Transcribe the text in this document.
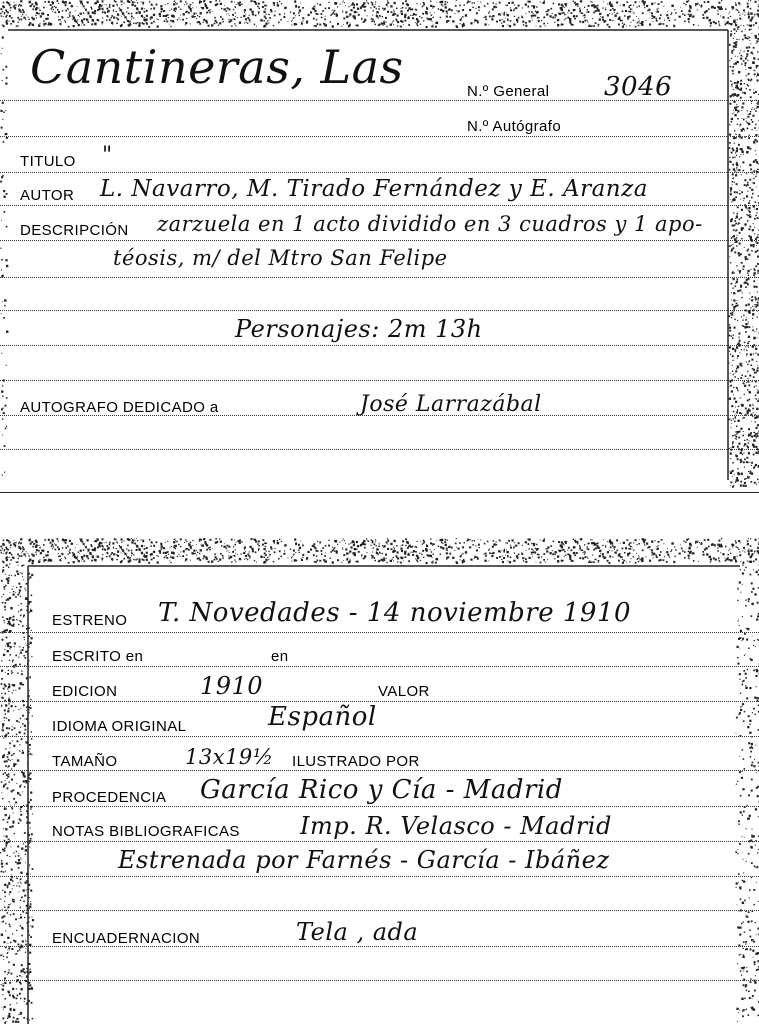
Cantineras, Las	N.º General 3046
N.º Autógrafo
TITULO "
AUTOR L. Navarro, M. Tirado Fernández y E. Aranza
DESCRIPCIÓN zarzuela en 1 acto dividido en 3 cuadros y 1 apo-
téosis, m/ del Mtro San Felipe
Personajes: 2m 13h
AUTOGRAFO DEDICADO a	José Larrazábal
ESTRENO T. Novedades - 14 noviembre 1910
ESCRITO en	en
EDICION	1910	VALOR
IDIOMA ORIGINAL	Español
TAMAÑO	13x19½ ILUSTRADO POR
PROCEDENCIA García Rico y Cía - Madrid
NOTAS BIBLIOGRAFICAS	Imp. R. Velasco - Madrid
Estrenada por Farnés - García - Ibáñez
ENCUADERNACION	Tela , ada
